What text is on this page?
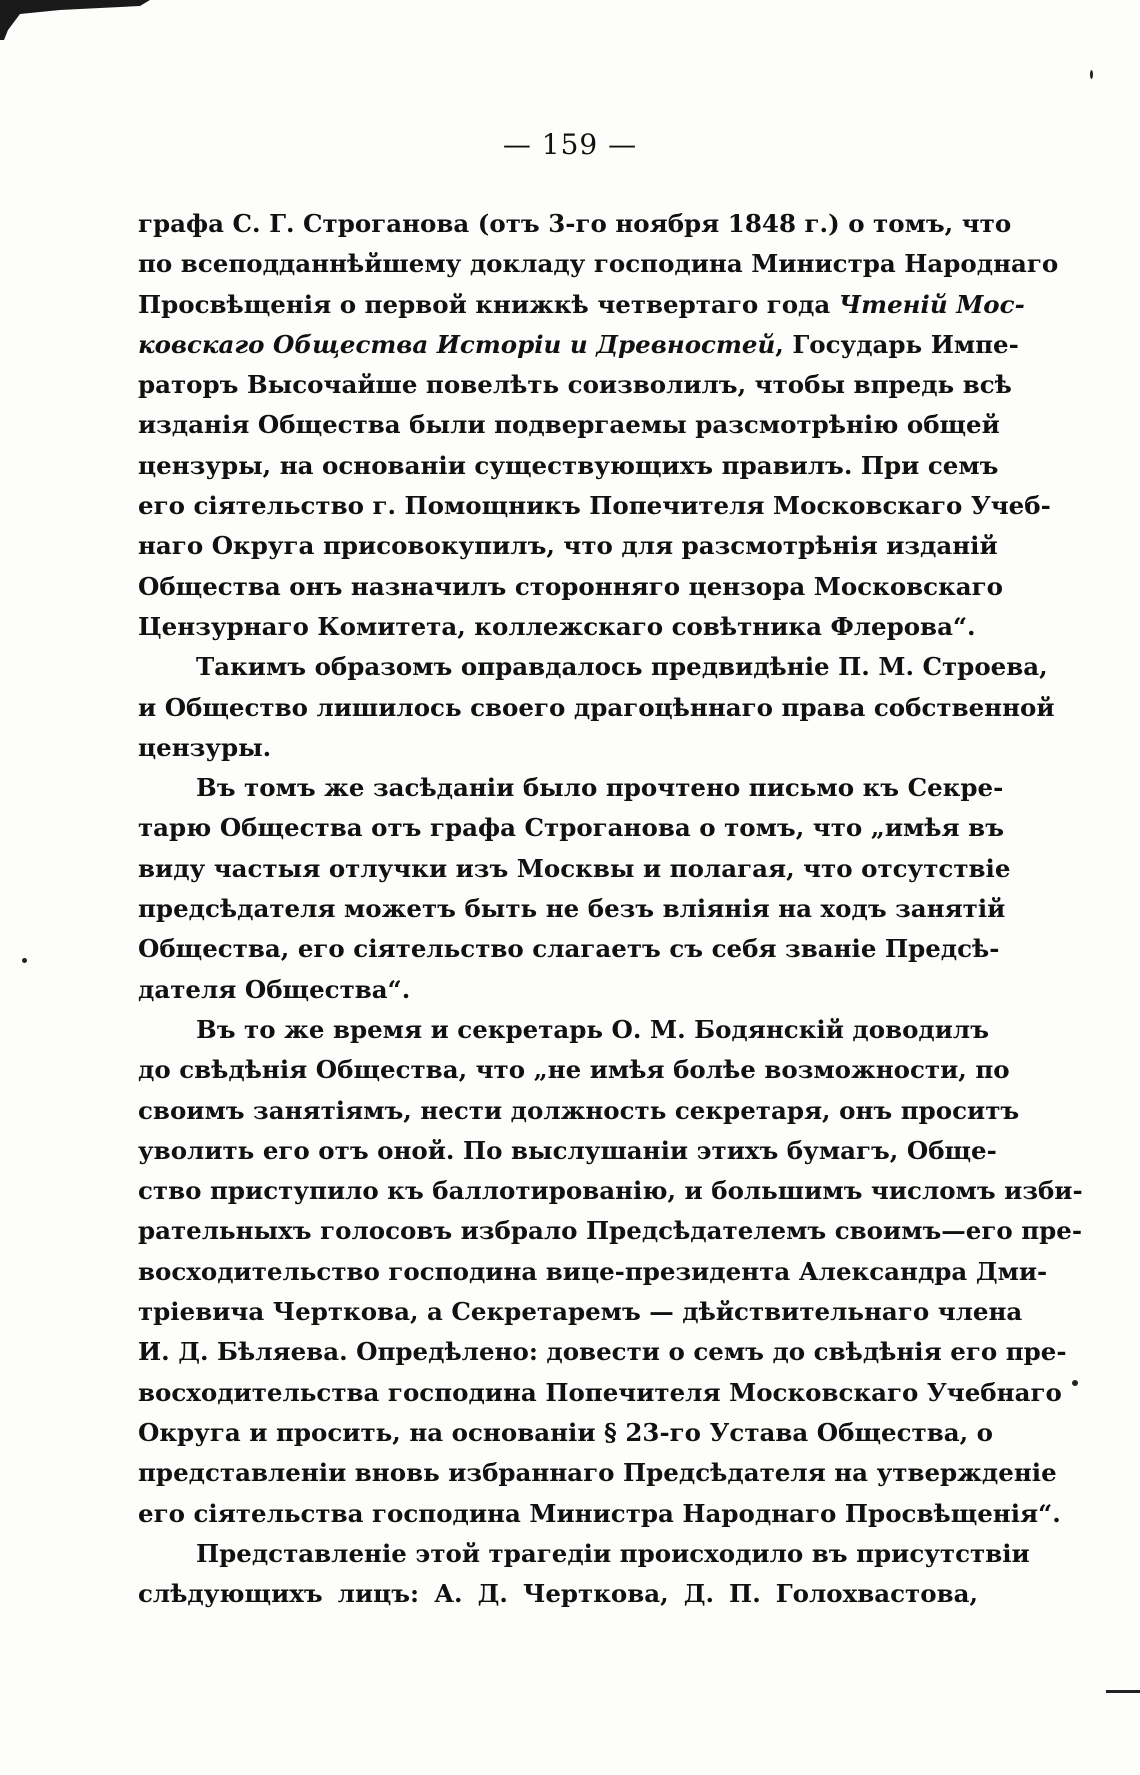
— 159 —
графа С. Г. Строганова (отъ 3-го ноября 1848 г.) о томъ, что
по всеподданнѣйшему докладу господина Министра Народнаго
Просвѣщенія о первой книжкѣ четвертаго года Чтеній Мос-
ковскаго Общества Исторіи и Древностей, Государь Импе-
раторъ Высочайше повелѣть соизволилъ, чтобы впредь всѣ
изданія Общества были подвергаемы разсмотрѣнію общей
цензуры, на основаніи существующихъ правилъ. При семъ
его сіятельство г. Помощникъ Попечителя Московскаго Учеб-
наго Округа присовокупилъ, что для разсмотрѣнія изданій
Общества онъ назначилъ сторонняго цензора Московскаго
Цензурнаго Комитета, коллежскаго совѣтника Флерова“.
Такимъ образомъ оправдалось предвидѣніе П. М. Строева,
и Общество лишилось своего драгоцѣннаго права собственной
цензуры.
Въ томъ же засѣданіи было прочтено письмо къ Секре-
тарю Общества отъ графа Строганова о томъ, что „имѣя въ
виду частыя отлучки изъ Москвы и полагая, что отсутствіе
предсѣдателя можетъ быть не безъ вліянія на ходъ занятій
Общества, его сіятельство слагаетъ съ себя званіе Предсѣ-
дателя Общества“.
Въ то же время и секретарь О. М. Бодянскій доводилъ
до свѣдѣнія Общества, что „не имѣя болѣе возможности, по
своимъ занятіямъ, нести должность секретаря, онъ проситъ
уволить его отъ оной. По выслушаніи этихъ бумагъ, Обще-
ство приступило къ баллотированію, и большимъ числомъ изби-
рательныхъ голосовъ избрало Предсѣдателемъ своимъ—его пре-
восходительство господина вице-президента Александра Дми-
тріевича Черткова, а Секретаремъ — дѣйствительнаго члена
И. Д. Бѣляева. Опредѣлено: довести о семъ до свѣдѣнія его пре-
восходительства господина Попечителя Московскаго Учебнаго
Округа и просить, на основаніи § 23-го Устава Общества, о
представленіи вновь избраннаго Предсѣдателя на утвержденіе
его сіятельства господина Министра Народнаго Просвѣщенія“.
Представленіе этой трагедіи происходило въ присутствіи
слѣдующихъ лицъ: А. Д. Черткова, Д. П. Голохвастова,
